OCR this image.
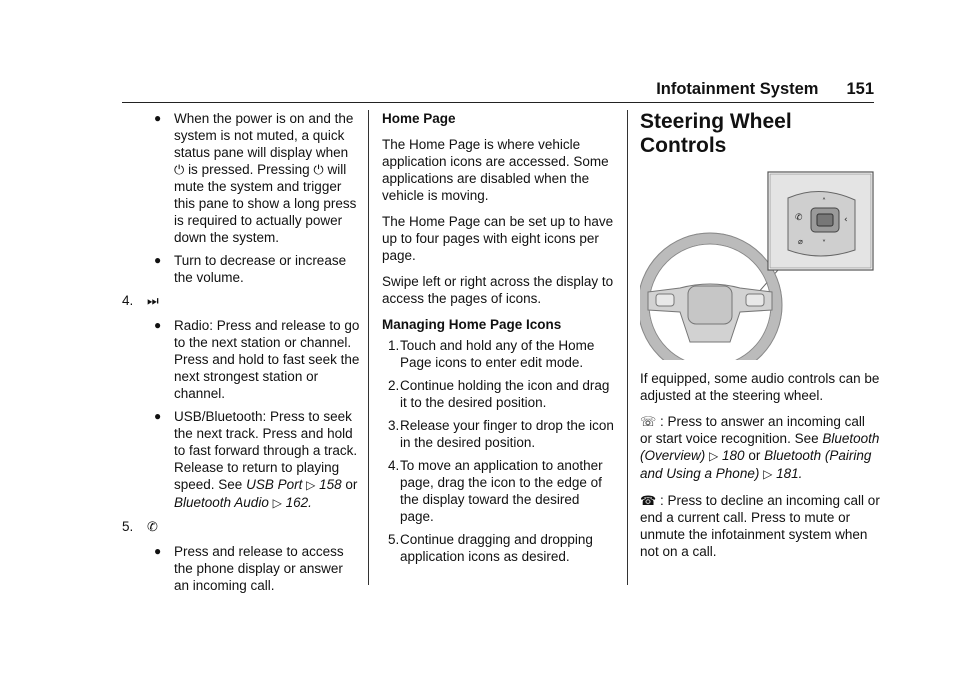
Infotainment System 151
● When the power is on and the system is not muted, a quick status pane will display when ⏻ is pressed. Pressing ⏻ will mute the system and trigger this pane to show a long press is required to actually power down the system.
● Turn to decrease or increase the volume.
4. ⏭
● Radio: Press and release to go to the next station or channel. Press and hold to fast seek the next strongest station or channel.
● USB/Bluetooth: Press to seek the next track. Press and hold to fast forward through a track. Release to return to playing speed. See USB Port ▷ 158 or Bluetooth Audio ▷ 162.
5. ✆
● Press and release to access the phone display or answer an incoming call.

Home Page

The Home Page is where vehicle application icons are accessed. Some applications are disabled when the vehicle is moving.

The Home Page can be set up to have up to four pages with eight icons per page.

Swipe left or right across the display to access the pages of icons.

Managing Home Page Icons

1. Touch and hold any of the Home Page icons to enter edit mode.
2. Continue holding the icon and drag it to the desired position.
3. Release your finger to drop the icon in the desired position.
4. To move an application to another page, drag the icon to the edge of the display toward the desired page.
5. Continue dragging and dropping application icons as desired.
Steering Wheel Controls
✆
⌀
‹
˄
˅

If equipped, some audio controls can be adjusted at the steering wheel.

☏ : Press to answer an incoming call or start voice recognition. See Bluetooth (Overview) ▷ 180 or Bluetooth (Pairing and Using a Phone) ▷ 181.

☎ : Press to decline an incoming call or end a current call. Press to mute or unmute the infotainment system when not on a call.
